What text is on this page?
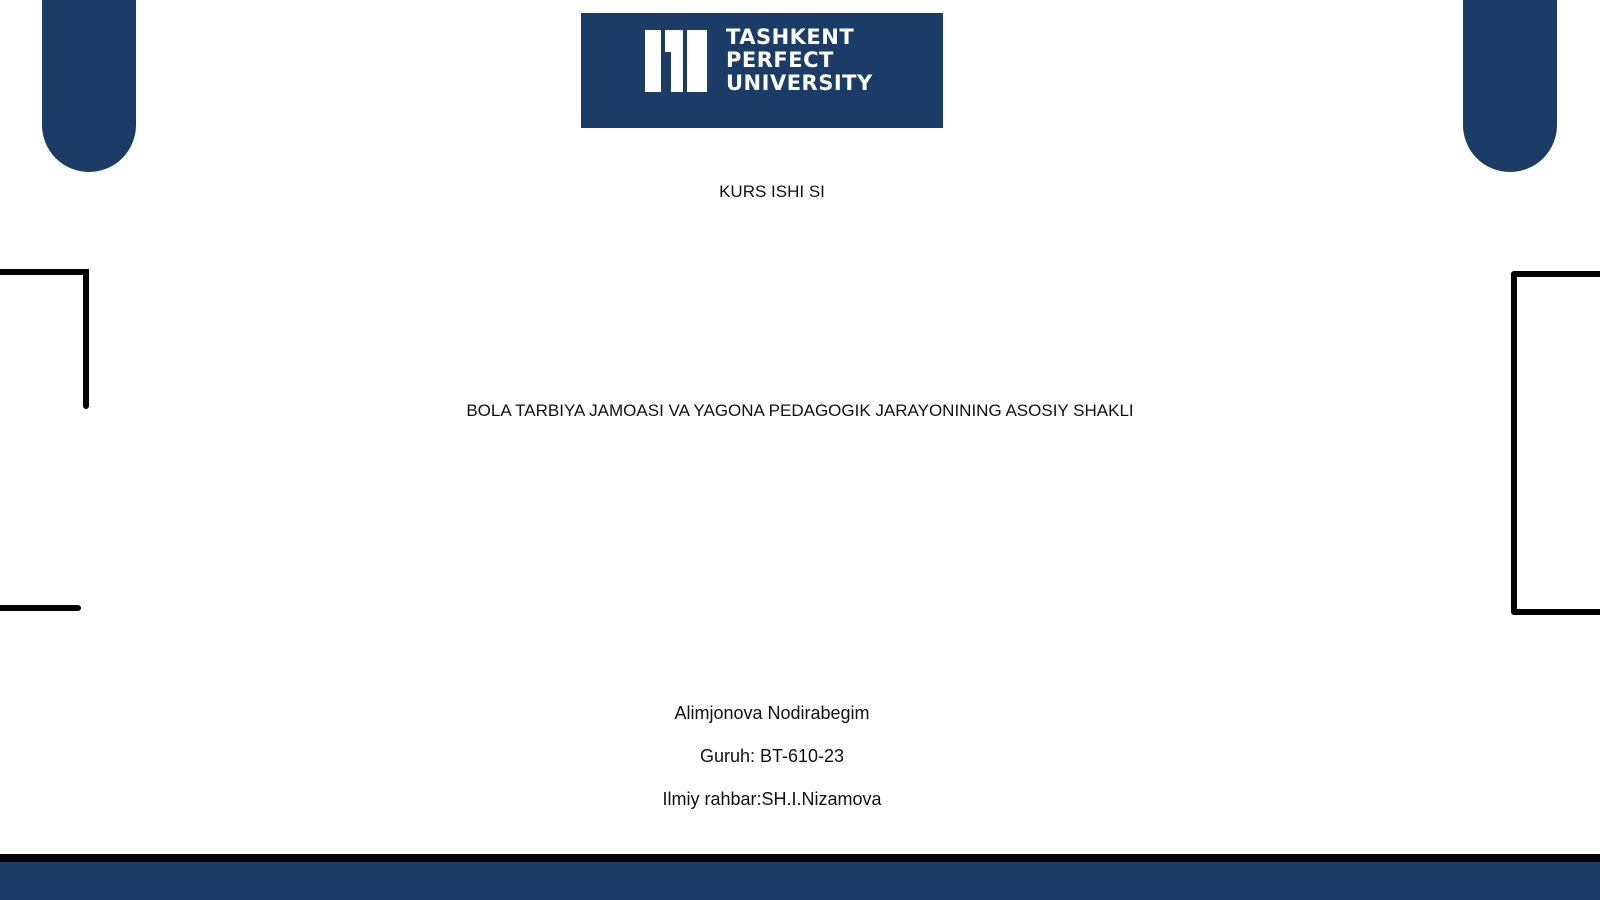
TASHKENT
PERFECT
UNIVERSITY
KURS ISHI SI
BOLA TARBIYA JAMOASI VA YAGONA PEDAGOGIK JARAYONINING ASOSIY SHAKLI
Alimjonova Nodirabegim
Guruh: BT-610-23
Ilmiy rahbar:SH.I.Nizamova
